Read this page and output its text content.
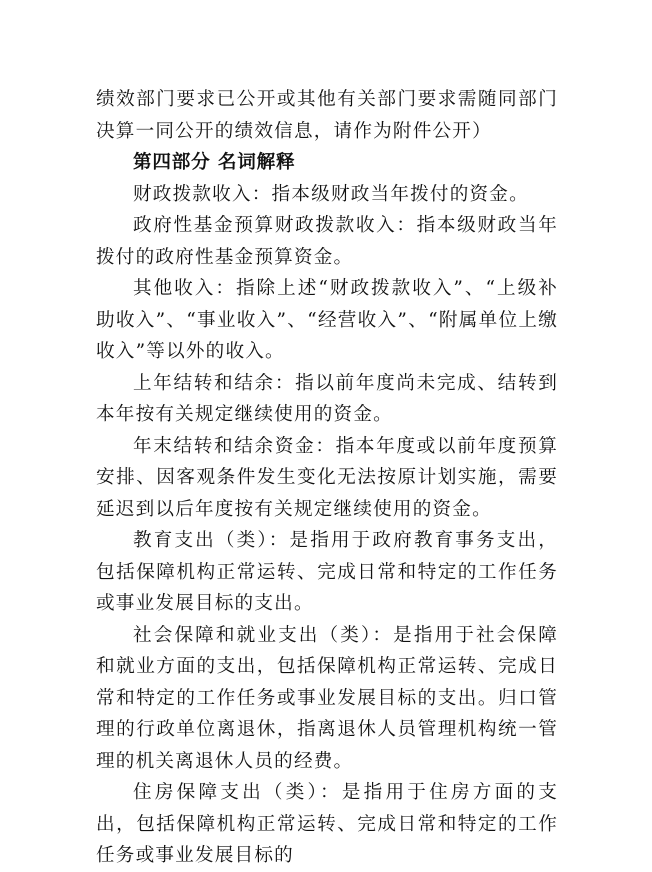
绩效部门要求已公开或其他有关部门要求需随同部门决算一同公开的绩效信息，请作为附件公开）

第四部分 名词解释

财政拨款收入：指本级财政当年拨付的资金。

政府性基金预算财政拨款收入：指本级财政当年拨付的政府性基金预算资金。

其他收入：指除上述“财政拨款收入”、“上级补助收入”、“事业收入”、“经营收入”、“附属单位上缴收入”等以外的收入。

上年结转和结余：指以前年度尚未完成、结转到本年按有关规定继续使用的资金。

年末结转和结余资金：指本年度或以前年度预算安排、因客观条件发生变化无法按原计划实施，需要延迟到以后年度按有关规定继续使用的资金。

教育支出（类）：是指用于政府教育事务支出，包括保障机构正常运转、完成日常和特定的工作任务或事业发展目标的支出。

社会保障和就业支出（类）：是指用于社会保障和就业方面的支出，包括保障机构正常运转、完成日常和特定的工作任务或事业发展目标的支出。归口管理的行政单位离退休，指离退休人员管理机构统一管理的机关离退休人员的经费。

住房保障支出（类）：是指用于住房方面的支出，包括保障机构正常运转、完成日常和特定的工作任务或事业发展目标的
